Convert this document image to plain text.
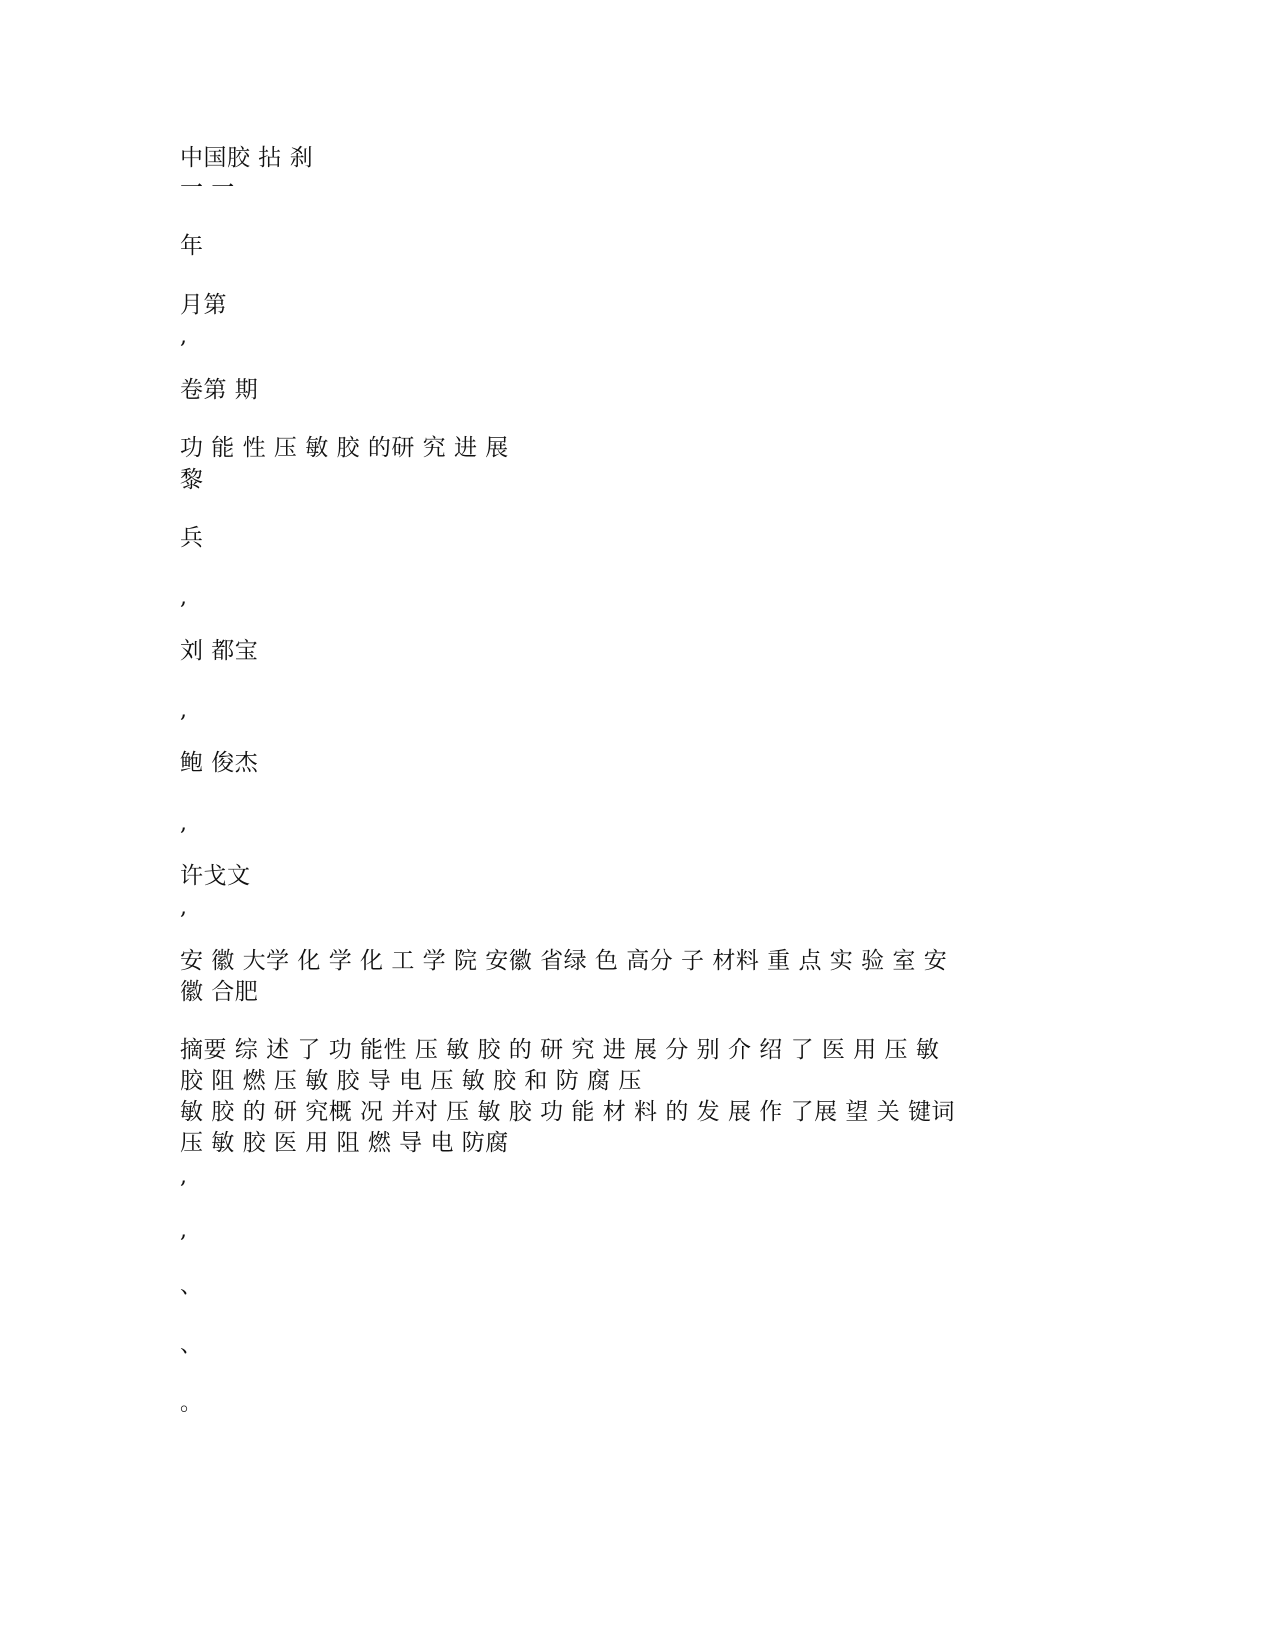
中国胶 拈 刹

一 一

年

月第

,

卷第 期

功 能 性 压 敏 胶 的研 究 进 展

黎

兵

,

刘 都宝

,

鲍 俊杰

,

许戈文

,

安 徽 大学 化 学 化 工 学 院 安徽 省绿 色 高分 子 材料 重 点 实 验 室 安

徽 合肥

摘要 综 述 了 功 能性 压 敏 胶 的 研 究 进 展 分 别 介 绍 了 医 用 压 敏

胶 阻 燃 压 敏 胶 导 电 压 敏 胶 和 防 腐 压

敏 胶 的 研 究概 况 并对 压 敏 胶 功 能 材 料 的 发 展 作 了展 望 关 键词

压 敏 胶 医 用 阻 燃 导 电 防腐

,

,

、

、

。
